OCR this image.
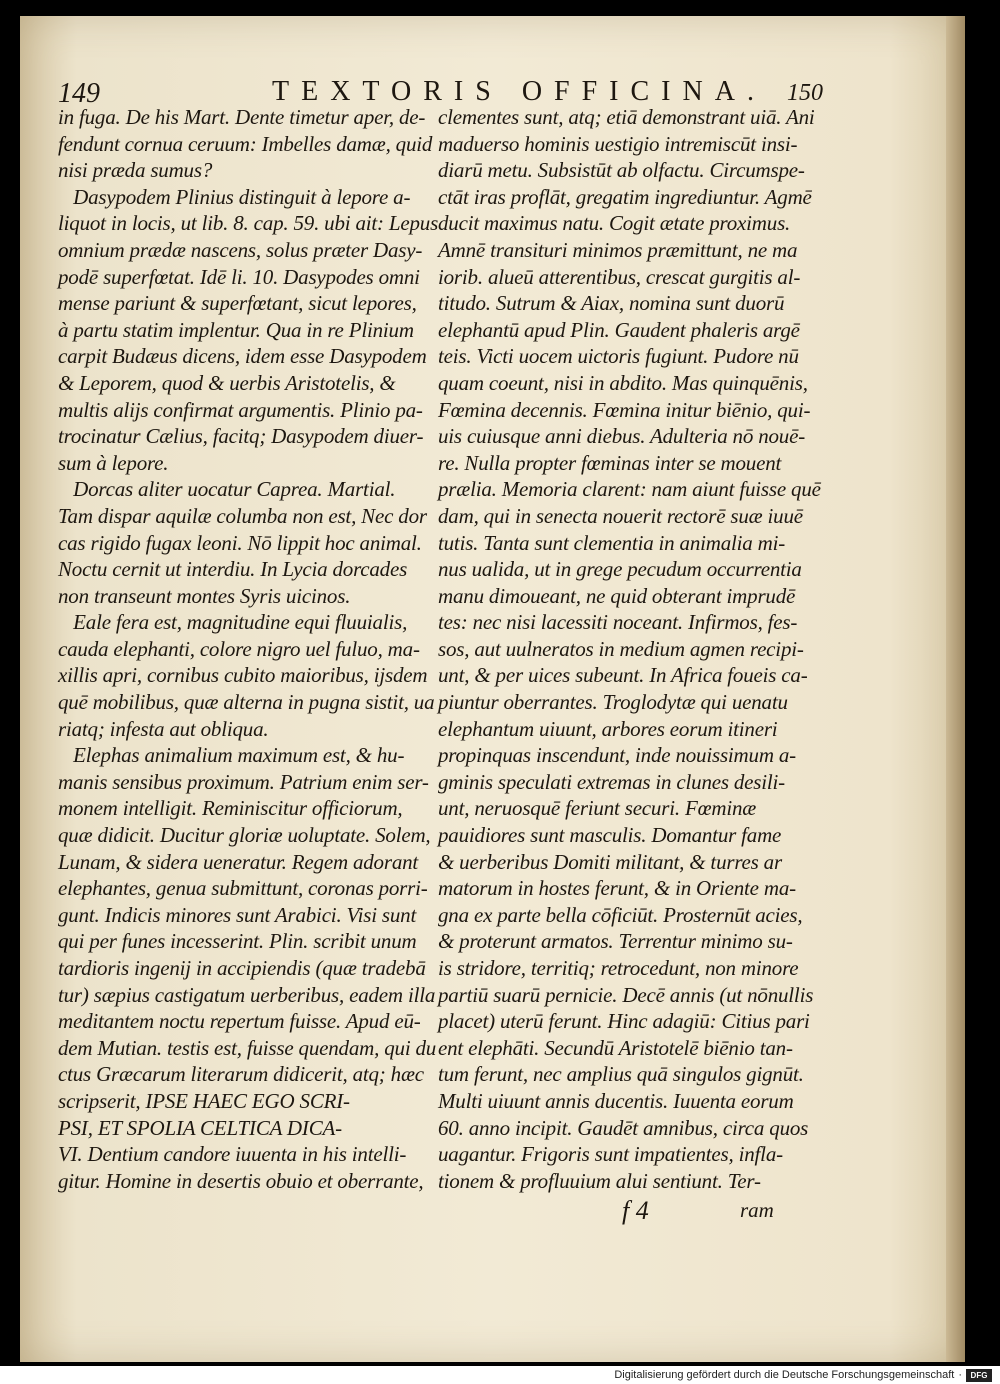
149	TEXTORIS OFFICINA. 150
in fuga. De his Mart. Dente timetur aper, de-
fendunt cornua ceruum: Imbelles damæ, quid
nisi præda sumus?
Dasypodem Plinius distinguit à lepore a-
liquot in locis, ut lib. 8. cap. 59. ubi ait: Lepus
omnium prædæ nascens, solus præter Dasy-
podē superfœtat. Idē li. 10. Dasypodes omni
mense pariunt & superfœtant, sicut lepores,
à partu statim implentur. Qua in re Plinium
carpit Budæus dicens, idem esse Dasypodem
& Leporem, quod & uerbis Aristotelis, &
multis alijs confirmat argumentis. Plinio pa-
trocinatur Cælius, facitq; Dasypodem diuer-
sum à lepore.
Dorcas aliter uocatur Caprea. Martial.
Tam dispar aquilæ columba non est, Nec dor
cas rigido fugax leoni. Nō lippit hoc animal.
Noctu cernit ut interdiu. In Lycia dorcades
non transeunt montes Syris uicinos.
Eale fera est, magnitudine equi fluuialis,
cauda elephanti, colore nigro uel fuluo, ma-
xillis apri, cornibus cubito maioribus, ijsdem
quē mobilibus, quæ alterna in pugna sistit, ua
riatq; infesta aut obliqua.
Elephas animalium maximum est, & hu-
manis sensibus proximum. Patrium enim ser-
monem intelligit. Reminiscitur officiorum,
quæ didicit. Ducitur gloriæ uoluptate. Solem,
Lunam, & sidera ueneratur. Regem adorant
elephantes, genua submittunt, coronas porri-
gunt. Indicis minores sunt Arabici. Visi sunt
qui per funes incesserint. Plin. scribit unum
tardioris ingenij in accipiendis (quæ tradebā
tur) sæpius castigatum uerberibus, eadem illa
meditantem noctu repertum fuisse. Apud eū-
dem Mutian. testis est, fuisse quendam, qui du
ctus Græcarum literarum didicerit, atq; hæc
scripserit, IPSE HAEC EGO SCRI-
PSI, ET SPOLIA CELTICA DICA-
VI. Dentium candore iuuenta in his intelli-
gitur. Homine in desertis obuio et oberrante,
clementes sunt, atq; etiā demonstrant uiā. Ani
maduerso hominis uestigio intremiscūt insi-
diarū metu. Subsistūt ab olfactu. Circumspe-
ctāt iras proflāt, gregatim ingrediuntur. Agmē
ducit maximus natu. Cogit ætate proximus.
Amnē transituri minimos præmittunt, ne ma
iorib. alueū atterentibus, crescat gurgitis al-
titudo. Sutrum & Aiax, nomina sunt duorū
elephantū apud Plin. Gaudent phaleris argē
teis. Victi uocem uictoris fugiunt. Pudore nū
quam coeunt, nisi in abdito. Mas quinquēnis,
Fœmina decennis. Fœmina initur biēnio, qui-
uis cuiusque anni diebus. Adulteria nō nouē-
re. Nulla propter fœminas inter se mouent
prælia. Memoria clarent: nam aiunt fuisse quē
dam, qui in senecta nouerit rectorē suæ iuuē
tutis. Tanta sunt clementia in animalia mi-
nus ualida, ut in grege pecudum occurrentia
manu dimoueant, ne quid obterant imprudē
tes: nec nisi lacessiti noceant. Infirmos, fes-
sos, aut uulneratos in medium agmen recipi-
unt, & per uices subeunt. In Africa foueis ca-
piuntur oberrantes. Troglodytæ qui uenatu
elephantum uiuunt, arbores eorum itineri
propinquas inscendunt, inde nouissimum a-
gminis speculati extremas in clunes desili-
unt, neruosquē feriunt securi. Fœminæ
pauidiores sunt masculis. Domantur fame
& uerberibus Domiti militant, & turres ar
matorum in hostes ferunt, & in Oriente ma-
gna ex parte bella cōficiūt. Prosternūt acies,
& proterunt armatos. Terrentur minimo su-
is stridore, territiq; retrocedunt, non minore
partiū suarū pernicie. Decē annis (ut nōnullis
placet) uterū ferunt. Hinc adagiū: Citius pari
ent elephāti. Secundū Aristotelē biēnio tan-
tum ferunt, nec amplius quā singulos gignūt.
Multi uiuunt annis ducentis. Iuuenta eorum
60. anno incipit. Gaudēt amnibus, circa quos
uagantur. Frigoris sunt impatientes, infla-
tionem & profluuium alui sentiunt. Ter-
f 4	ram
Digitalisierung gefördert durch die Deutsche Forschungsgemeinschaft ·	DFG
